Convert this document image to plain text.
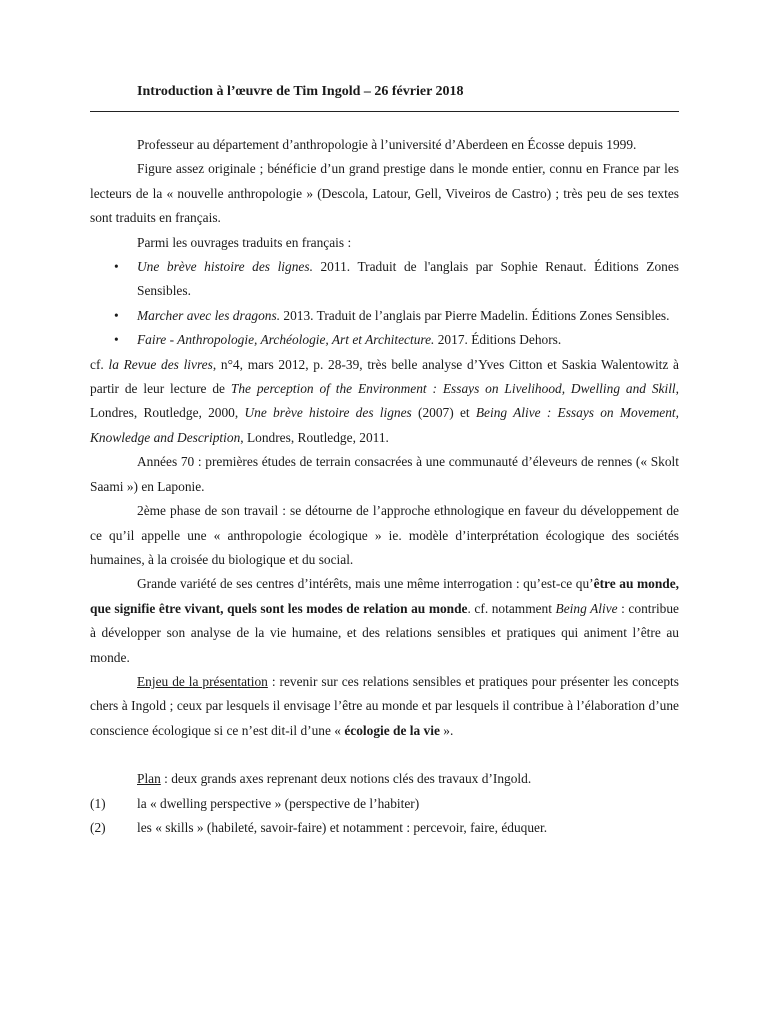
Introduction à l’œuvre de Tim Ingold – 26 février 2018

Professeur au département d’anthropologie à l’université d’Aberdeen en Écosse depuis 1999.

Figure assez originale ; bénéficie d’un grand prestige dans le monde entier, connu en France par les lecteurs de la « nouvelle anthropologie » (Descola, Latour, Gell, Viveiros de Castro) ; très peu de ses textes sont traduits en français.

Parmi les ouvrages traduits en français :

• Une brève histoire des lignes. 2011. Traduit de l'anglais par Sophie Renaut. Éditions Zones Sensibles.
• Marcher avec les dragons. 2013. Traduit de l’anglais par Pierre Madelin. Éditions Zones Sensibles.
• Faire - Anthropologie, Archéologie, Art et Architecture. 2017. Éditions Dehors.

cf. la Revue des livres, n°4, mars 2012, p. 28-39, très belle analyse d’Yves Citton et Saskia Walentowitz à partir de leur lecture de The perception of the Environment : Essays on Livelihood, Dwelling and Skill, Londres, Routledge, 2000, Une brève histoire des lignes (2007) et Being Alive : Essays on Movement, Knowledge and Description, Londres, Routledge, 2011.

Années 70 : premières études de terrain consacrées à une communauté d’éleveurs de rennes (« Skolt Saami ») en Laponie.

2ème phase de son travail : se détourne de l’approche ethnologique en faveur du développement de ce qu’il appelle une « anthropologie écologique » ie. modèle d’interprétation écologique des sociétés humaines, à la croisée du biologique et du social.

Grande variété de ses centres d’intérêts, mais une même interrogation : qu’est-ce qu’être au monde, que signifie être vivant, quels sont les modes de relation au monde. cf. notamment Being Alive : contribue à développer son analyse de la vie humaine, et des relations sensibles et pratiques qui animent l’être au monde.

Enjeu de la présentation : revenir sur ces relations sensibles et pratiques pour présenter les concepts chers à Ingold ; ceux par lesquels il envisage l’être au monde et par lesquels il contribue à l’élaboration d’une conscience écologique si ce n’est dit-il d’une « écologie de la vie ».

Plan : deux grands axes reprenant deux notions clés des travaux d’Ingold.

(1)	la « dwelling perspective » (perspective de l’habiter)
(2)	les « skills » (habileté, savoir-faire) et notamment : percevoir, faire, éduquer.
